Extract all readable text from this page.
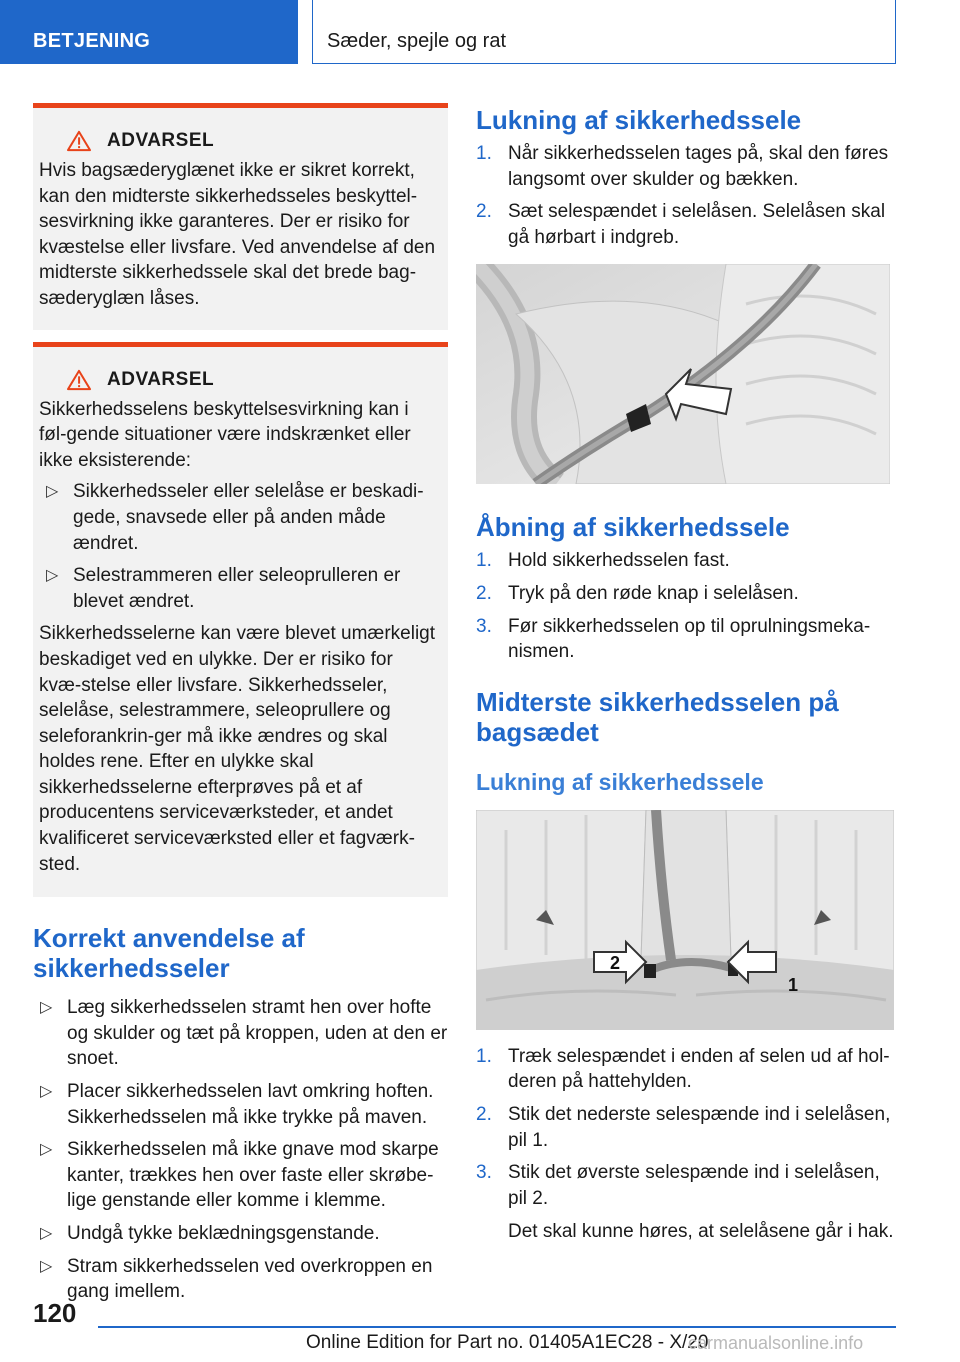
BETJENING	Sæder, spejle og rat
ADVARSEL

Hvis bagsæderyglænet ikke er sikret korrekt, kan den midterste sikkerhedsseles beskyttel-sesvirkning ikke garanteres. Der er risiko for kvæstelse eller livsfare. Ved anvendelse af den midterste sikkerhedssele skal det brede bag-sæderyglæn låses.

ADVARSEL

Sikkerhedsselens beskyttelsesvirkning kan i føl-gende situationer være indskrænket eller ikke eksisterende:

▷ Sikkerhedsseler eller selelåse er beskadi-gede, snavsede eller på anden måde ændret.
▷ Selestrammeren eller seleoprulleren er blevet ændret.

Sikkerhedsselerne kan være blevet umærkeligt beskadiget ved en ulykke. Der er risiko for kvæ-stelse eller livsfare. Sikkerhedsseler, selelåse, selestrammere, seleoprullere og seleforankrin-ger må ikke ændres og skal holdes rene. Efter en ulykke skal sikkerhedsselerne efterprøves på et af producentens serviceværksteder, et andet kvalificeret serviceværksted eller et fagværk-sted.

Korrekt anvendelse af sikkerhedsseler
▷ Læg sikkerhedsselen stramt hen over hofte og skulder og tæt på kroppen, uden at den er snoet.
▷ Placer sikkerhedsselen lavt omkring hoften. Sikkerhedsselen må ikke trykke på maven.
▷ Sikkerhedsselen må ikke gnave mod skarpe kanter, trækkes hen over faste eller skrøbe-lige genstande eller komme i klemme.
▷ Undgå tykke beklædningsgenstande.
▷ Stram sikkerhedsselen ved overkroppen en gang imellem.
Lukning af sikkerhedssele
1. Når sikkerhedsselen tages på, skal den føres langsomt over skulder og bækken.
2. Sæt selespændet i selelåsen. Selelåsen skal gå hørbart i indgreb.
Åbning af sikkerhedssele
1. Hold sikkerhedsselen fast.
2. Tryk på den røde knap i selelåsen.
3. Før sikkerhedsselen op til oprulningsmeka-nismen.
Midterste sikkerhedsselen på bagsædet
Lukning af sikkerhedssele
2
1
1. Træk selespændet i enden af selen ud af hol-deren på hattehylden.
2. Stik det nederste selespænde ind i selelåsen, pil 1.
3. Stik det øverste selespænde ind i selelåsen, pil 2.
Det skal kunne høres, at selelåsene går i hak.
120
Online Edition for Part no. 01405A1EC28 - X/20
carmanualsonline.info
